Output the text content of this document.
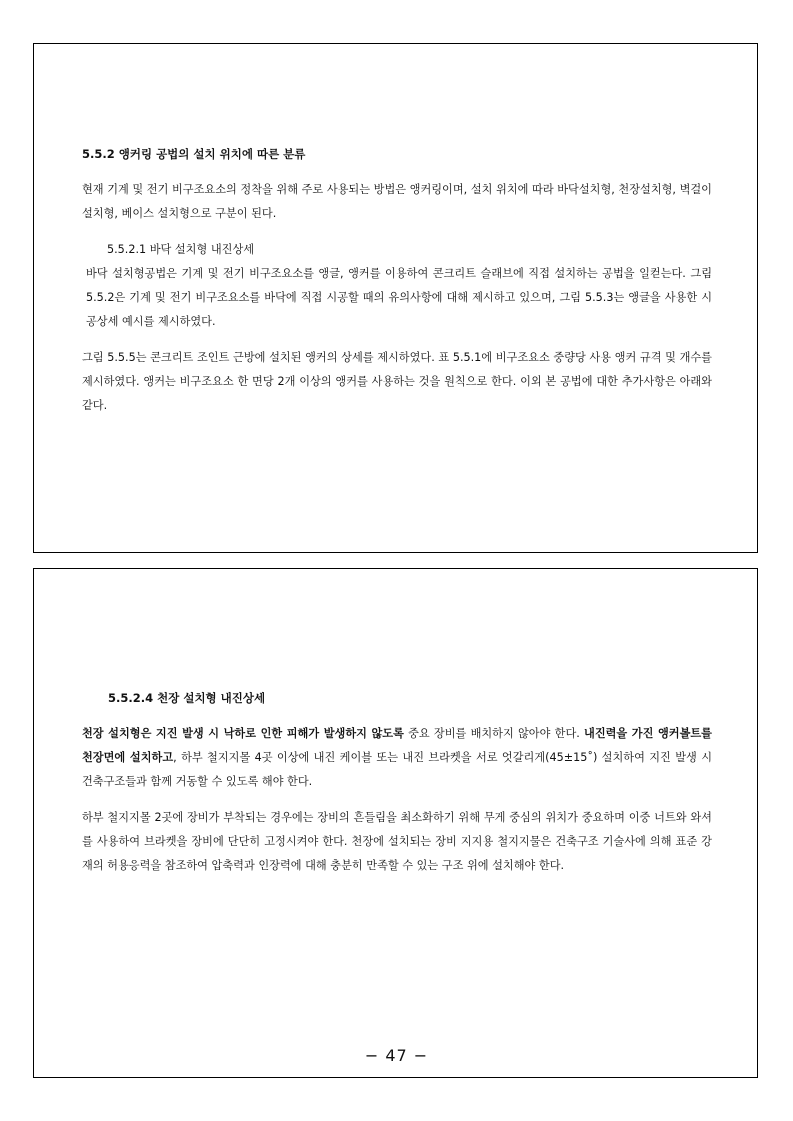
5.5.2 앵커링 공법의 설치 위치에 따른 분류

현재 기계 및 전기 비구조요소의 정착을 위해 주로 사용되는 방법은 앵커링이며, 설치 위치에 따라 바닥설치형, 천장설치형, 벽걸이 설치형, 베이스 설치형으로 구분이 된다.

5.5.2.1 바닥 설치형 내진상세

바닥 설치형공법은 기계 및 전기 비구조요소를 앵글, 앵커를 이용하여 콘크리트 슬래브에 직접 설치하는 공법을 일컫는다. 그림 5.5.2은 기계 및 전기 비구조요소를 바닥에 직접 시공할 때의 유의사항에 대해 제시하고 있으며, 그림 5.5.3는 앵글을 사용한 시공상세 예시를 제시하였다.

그림 5.5.5는 콘크리트 조인트 근방에 설치된 앵커의 상세를 제시하였다. 표 5.5.1에 비구조요소 중량당 사용 앵커 규격 및 개수를 제시하였다. 앵커는 비구조요소 한 면당 2개 이상의 앵커를 사용하는 것을 원칙으로 한다. 이외 본 공법에 대한 추가사항은 아래와 같다.

5.5.2.4 천장 설치형 내진상세

천장 설치형은 지진 발생 시 낙하로 인한 피해가 발생하지 않도록 중요 장비를 배치하지 않아야 한다. 내진력을 가진 앵커볼트를 천장면에 설치하고, 하부 철지지몰 4곳 이상에 내진 케이블 또는 내진 브라켓을 서로 엇갈리게(45±15˚) 설치하여 지진 발생 시 건축구조들과 함께 거동할 수 있도록 해야 한다.

하부 철지지몰 2곳에 장비가 부착되는 경우에는 장비의 흔들림을 최소화하기 위해 무게 중심의 위치가 중요하며 이중 너트와 와셔를 사용하여 브라켓을 장비에 단단히 고정시켜야 한다. 천장에 설치되는 장비 지지용 철지지물은 건축구조 기술사에 의해 표준 강재의 허용응력을 참조하여 압축력과 인장력에 대해 충분히 만족할 수 있는 구조 위에 설치해야 한다.

− 47 −
